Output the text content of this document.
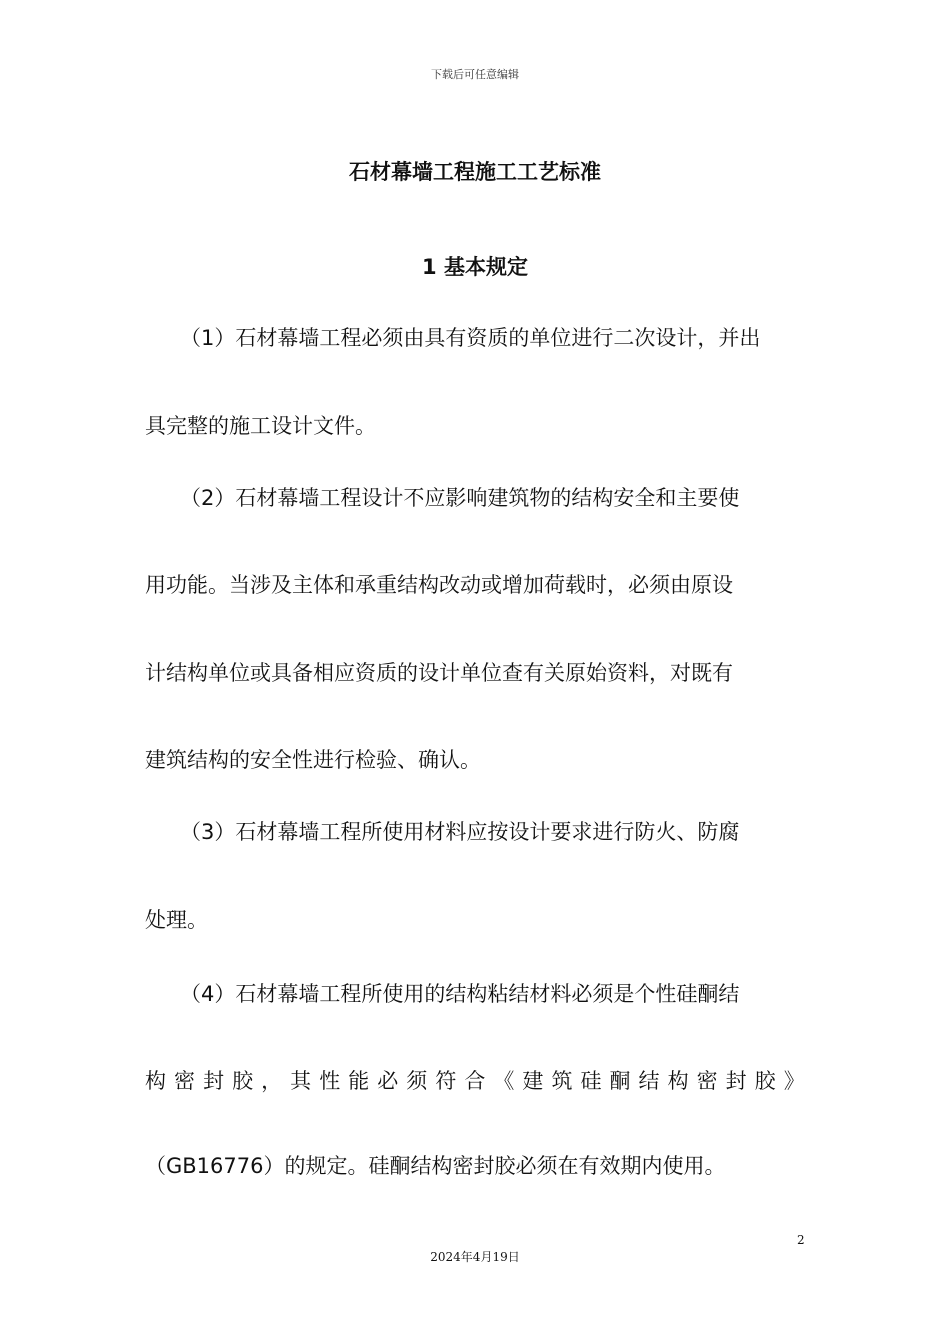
下载后可任意编辑
石材幕墙工程施工工艺标准
1 基本规定
（1）石材幕墙工程必须由具有资质的单位进行二次设计，并出
具完整的施工设计文件。
（2）石材幕墙工程设计不应影响建筑物的结构安全和主要使
用功能。当涉及主体和承重结构改动或增加荷载时，必须由原设
计结构单位或具备相应资质的设计单位查有关原始资料，对既有
建筑结构的安全性进行检验、确认。
（3）石材幕墙工程所使用材料应按设计要求进行防火、防腐
处理。
（4）石材幕墙工程所使用的结构粘结材料必须是个性硅酮结
构 密 封 胶 ， 其 性 能 必 须 符 合 《 建 筑 硅 酮 结 构 密 封 胶 》
（GB16776）的规定。硅酮结构密封胶必须在有效期内使用。
2
2024年4月19日
